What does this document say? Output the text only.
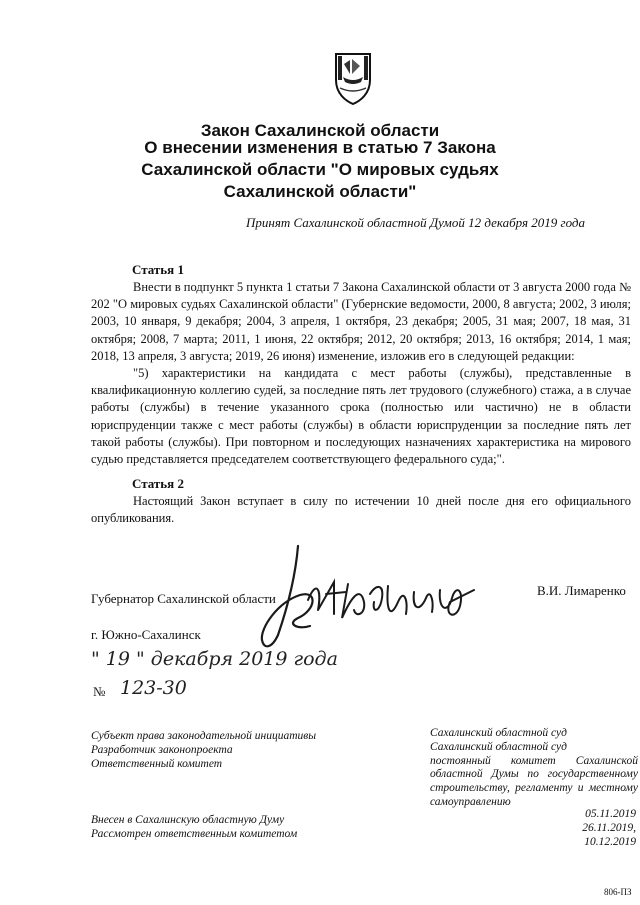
Закон Сахалинской области
О внесении изменения в статью 7 Закона
Сахалинской области "О мировых судьях
Сахалинской области"
Принят Сахалинской областной Думой 12 декабря 2019 года
Статья 1

Внести в подпункт 5 пункта 1 статьи 7 Закона Сахалинской области от 3 августа 2000 года № 202 "О мировых судьях Сахалинской области" (Губернские ведомости, 2000, 8 августа; 2002, 3 июля; 2003, 10 января, 9 декабря; 2004, 3 апреля, 1 октября, 23 декабря; 2005, 31 мая; 2007, 18 мая, 31 октября; 2008, 7 марта; 2011, 1 июня, 22 октября; 2012, 20 октября; 2013, 16 октября; 2014, 1 мая; 2018, 13 апреля, 3 августа; 2019, 26 июня) изменение, изложив его в следующей редакции:

"5) характеристики на кандидата с мест работы (службы), представленные в квалификационную коллегию судей, за последние пять лет трудового (служебного) стажа, а в случае работы (службы) в течение указанного срока (полностью или частично) не в области юриспруденции также с мест работы (службы) в области юриспруденции за последние пять лет такой работы (службы). При повторном и последующих назначениях характеристика на мирового судью представляется председателем соответствующего федерального суда;".

Статья 2

Настоящий Закон вступает в силу по истечении 10 дней после дня его официального опубликования.

Губернатор Сахалинской области
В.И. Лимаренко
г. Южно-Сахалинск
" 19 " декабря 2019 года
№ 123-30
Субъект права законодательной инициативы
Разработчик законопроекта
Ответственный комитет
Сахалинский областной суд
Сахалинский областной суд
постоянный комитет Сахалинской областной Думы по государственному строительству, регламенту и местному самоуправлению
Внесен в Сахалинскую областную Думу
Рассмотрен ответственным комитетом
05.11.2019
26.11.2019,
10.12.2019
806-ПЗ
